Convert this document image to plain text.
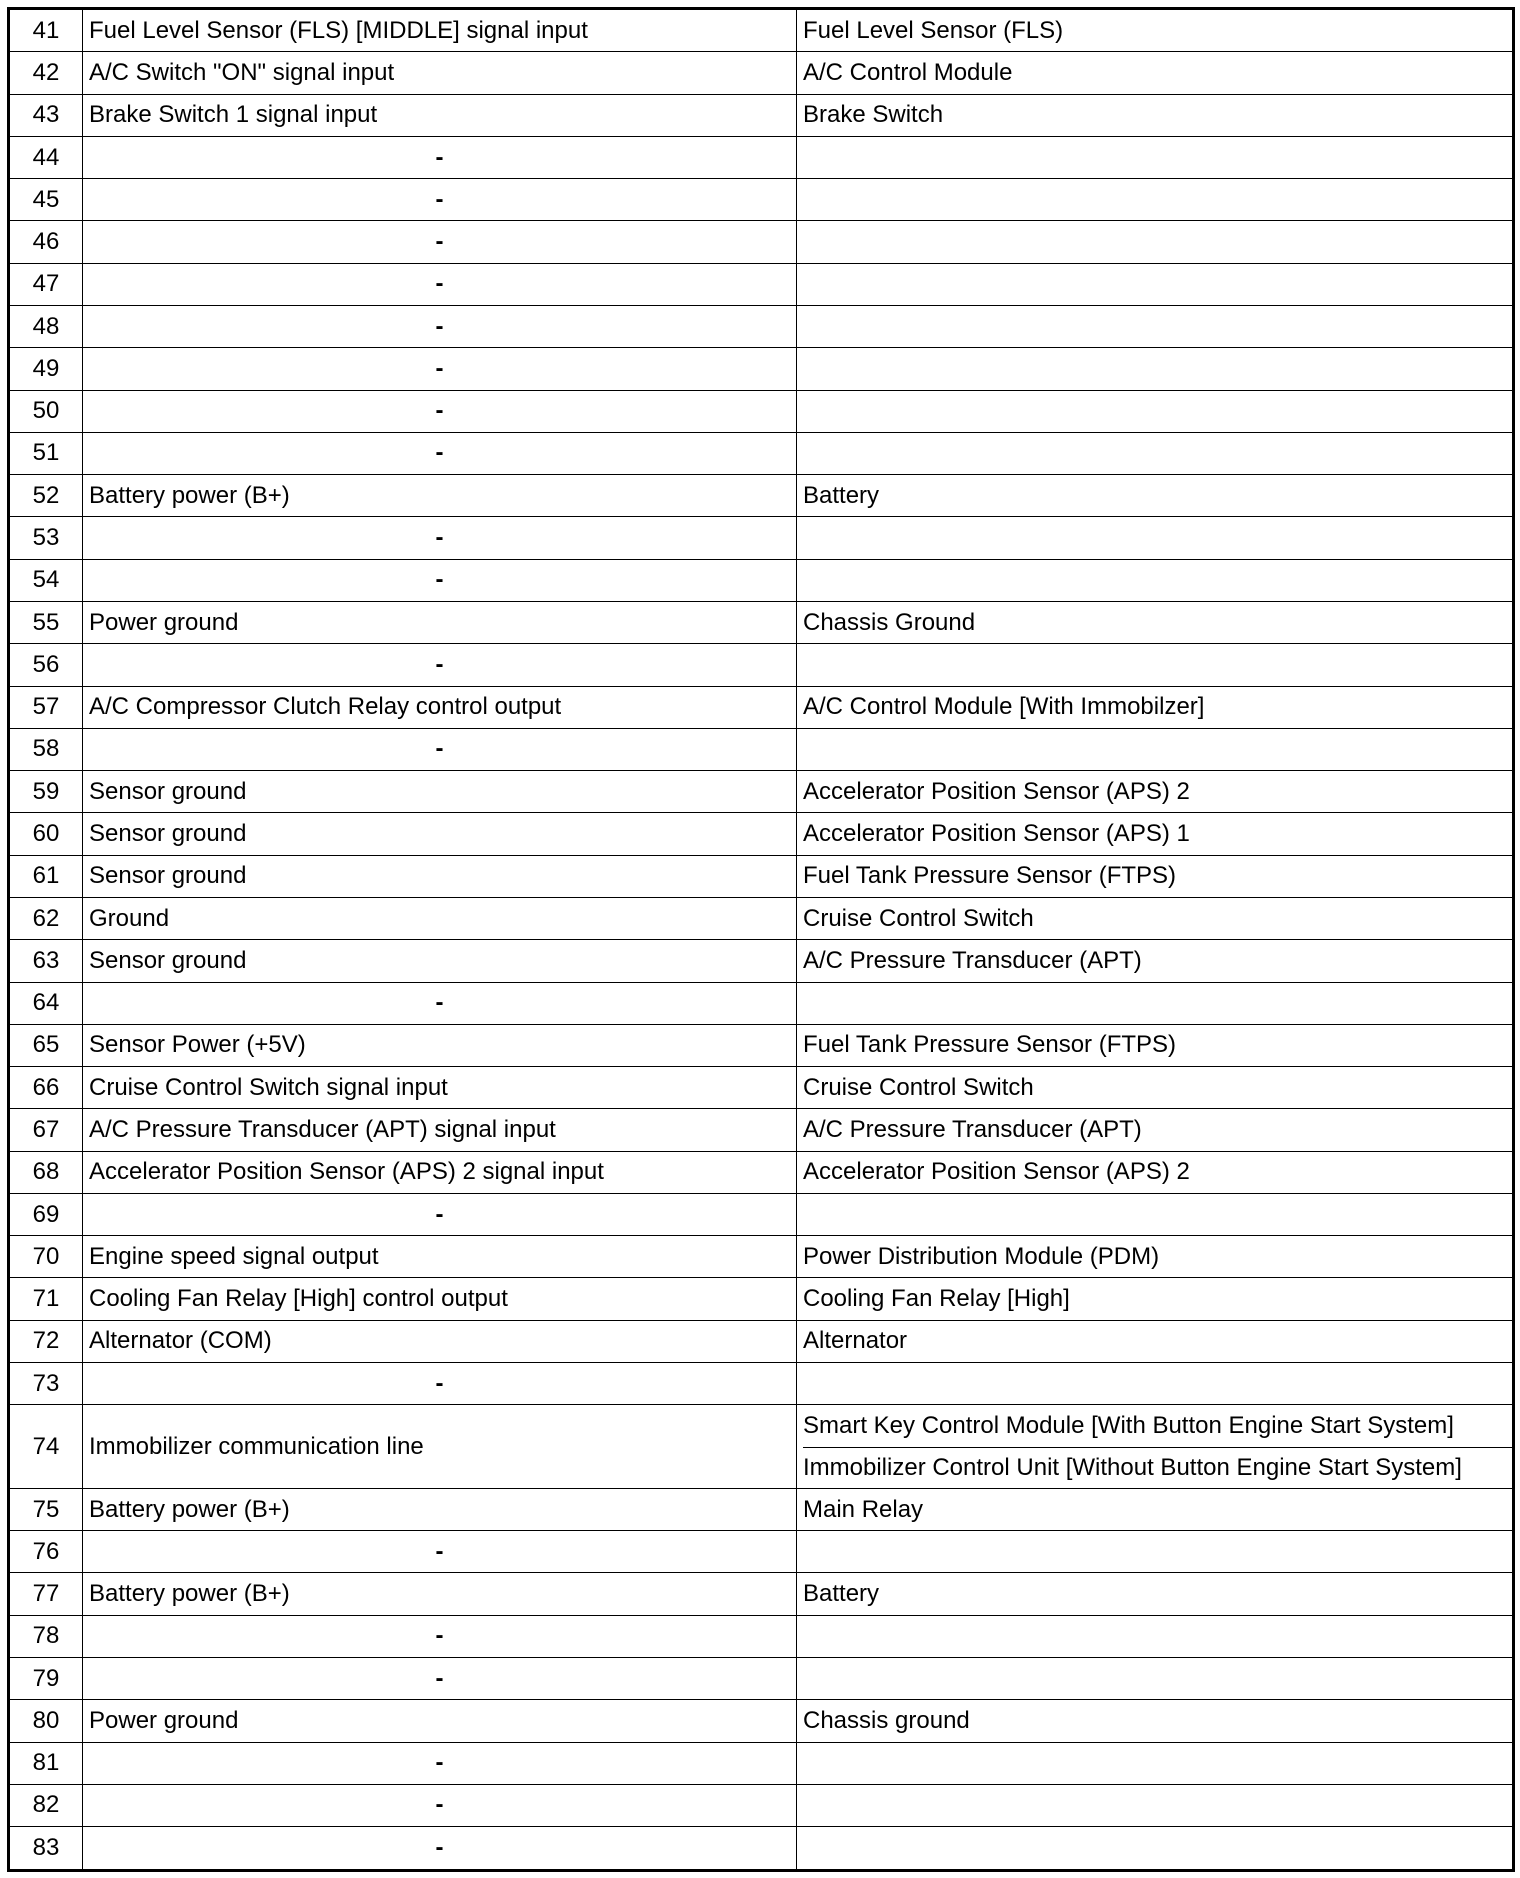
41	Fuel Level Sensor (FLS) [MIDDLE] signal input	Fuel Level Sensor (FLS)
42	A/C Switch "ON" signal input	A/C Control Module
43	Brake Switch 1 signal input	Brake Switch
44	-	
45	-	
46	-	
47	-	
48	-	
49	-	
50	-	
51	-	
52	Battery power (B+)	Battery
53	-	
54	-	
55	Power ground	Chassis Ground
56	-	
57	A/C Compressor Clutch Relay control output	A/C Control Module [With Immobilzer]
58	-	
59	Sensor ground	Accelerator Position Sensor (APS) 2
60	Sensor ground	Accelerator Position Sensor (APS) 1
61	Sensor ground	Fuel Tank Pressure Sensor (FTPS)
62	Ground	Cruise Control Switch
63	Sensor ground	A/C Pressure Transducer (APT)
64	-	
65	Sensor Power (+5V)	Fuel Tank Pressure Sensor (FTPS)
66	Cruise Control Switch signal input	Cruise Control Switch
67	A/C Pressure Transducer (APT) signal input	A/C Pressure Transducer (APT)
68	Accelerator Position Sensor (APS) 2 signal input	Accelerator Position Sensor (APS) 2
69	-	
70	Engine speed signal output	Power Distribution Module (PDM)
71	Cooling Fan Relay [High] control output	Cooling Fan Relay [High]
72	Alternator (COM)	Alternator
73	-	
74	Immobilizer communication line	Smart Key Control Module [With Button Engine Start System]
Immobilizer Control Unit [Without Button Engine Start System]

75	Battery power (B+)	Main Relay
76	-	
77	Battery power (B+)	Battery
78	-	
79	-	
80	Power ground	Chassis ground
81	-	
82	-	
83	-	
